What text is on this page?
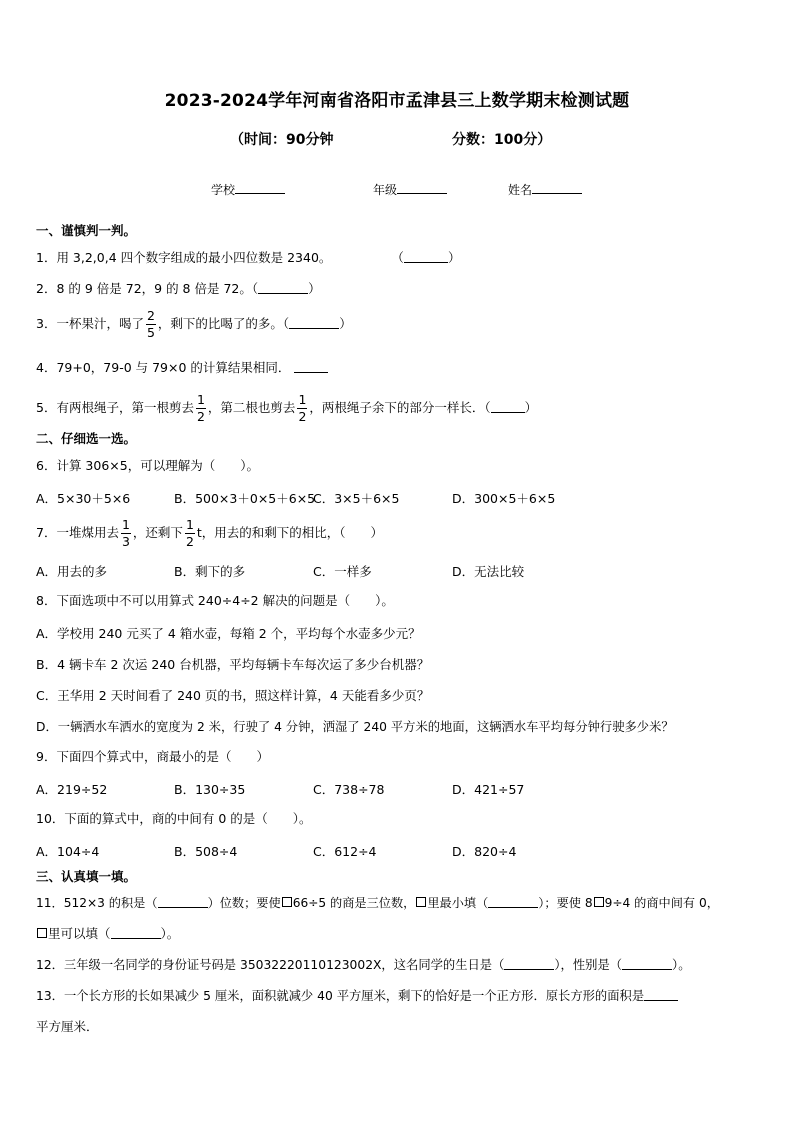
2023-2024学年河南省洛阳市孟津县三上数学期末检测试题
（时间：90分钟	分数：100分）
学校	年级	姓名
一、谨慎判一判。
1．用 3,2,0,4 四个数字组成的最小四位数是 2340。	（	）
2．8 的 9 倍是 72，9 的 8 倍是 72。（	）
3．一杯果汁，喝了 $\frac{2}{5}$ ，剩下的比喝了的多。（	）
4．79+0，79-0 与 79×0 的计算结果相同．
5．有两根绳子，第一根剪去 $\frac{1}{2}$ ，第二根也剪去 $\frac{1}{2}$ ，两根绳子余下的部分一样长．（	）
二、仔细选一选。
6．计算 306×5，可以理解为（　　）。
A．5×30＋5×6	B．500×3＋0×5＋6×5
C．3×5＋6×5	D．300×5＋6×5
7．一堆煤用去 $\frac{1}{3}$ ，还剩下 $\frac{1}{2}$ t，用去的和剩下的相比，（　　）
A．用去的多	B．剩下的多	C．一样多	D．无法比较
8．下面选项中不可以用算式 240÷4÷2 解决的问题是（　　）。
A．学校用 240 元买了 4 箱水壶，每箱 2 个，平均每个水壶多少元？
B．4 辆卡车 2 次运 240 台机器，平均每辆卡车每次运了多少台机器？
C．王华用 2 天时间看了 240 页的书，照这样计算，4 天能看多少页？
D．一辆洒水车洒水的宽度为 2 米，行驶了 4 分钟，洒湿了 240 平方米的地面，这辆洒水车平均每分钟行驶多少米？
9．下面四个算式中，商最小的是（　　）
A．219÷52	B．130÷35	C．738÷78	D．421÷57
10．下面的算式中，商的中间有 0 的是（　　）。
A．104÷4	B．508÷4	C．612÷4	D．820÷4
三、认真填一填。
11．512×3 的积是（	）位数；要使 66÷5 的商是三位数， 里最小填（	）；要使 8 9÷4 的商中间有 0，
里可以填（	）。
12．三年级一名同学的身份证号码是 35032220110123002X，这名同学的生日是（	），性别是（	）。
13．一个长方形的长如果减少 5 厘米，面积就减少 40 平方厘米，剩下的恰好是一个正方形．原长方形的面积是
平方厘米．
